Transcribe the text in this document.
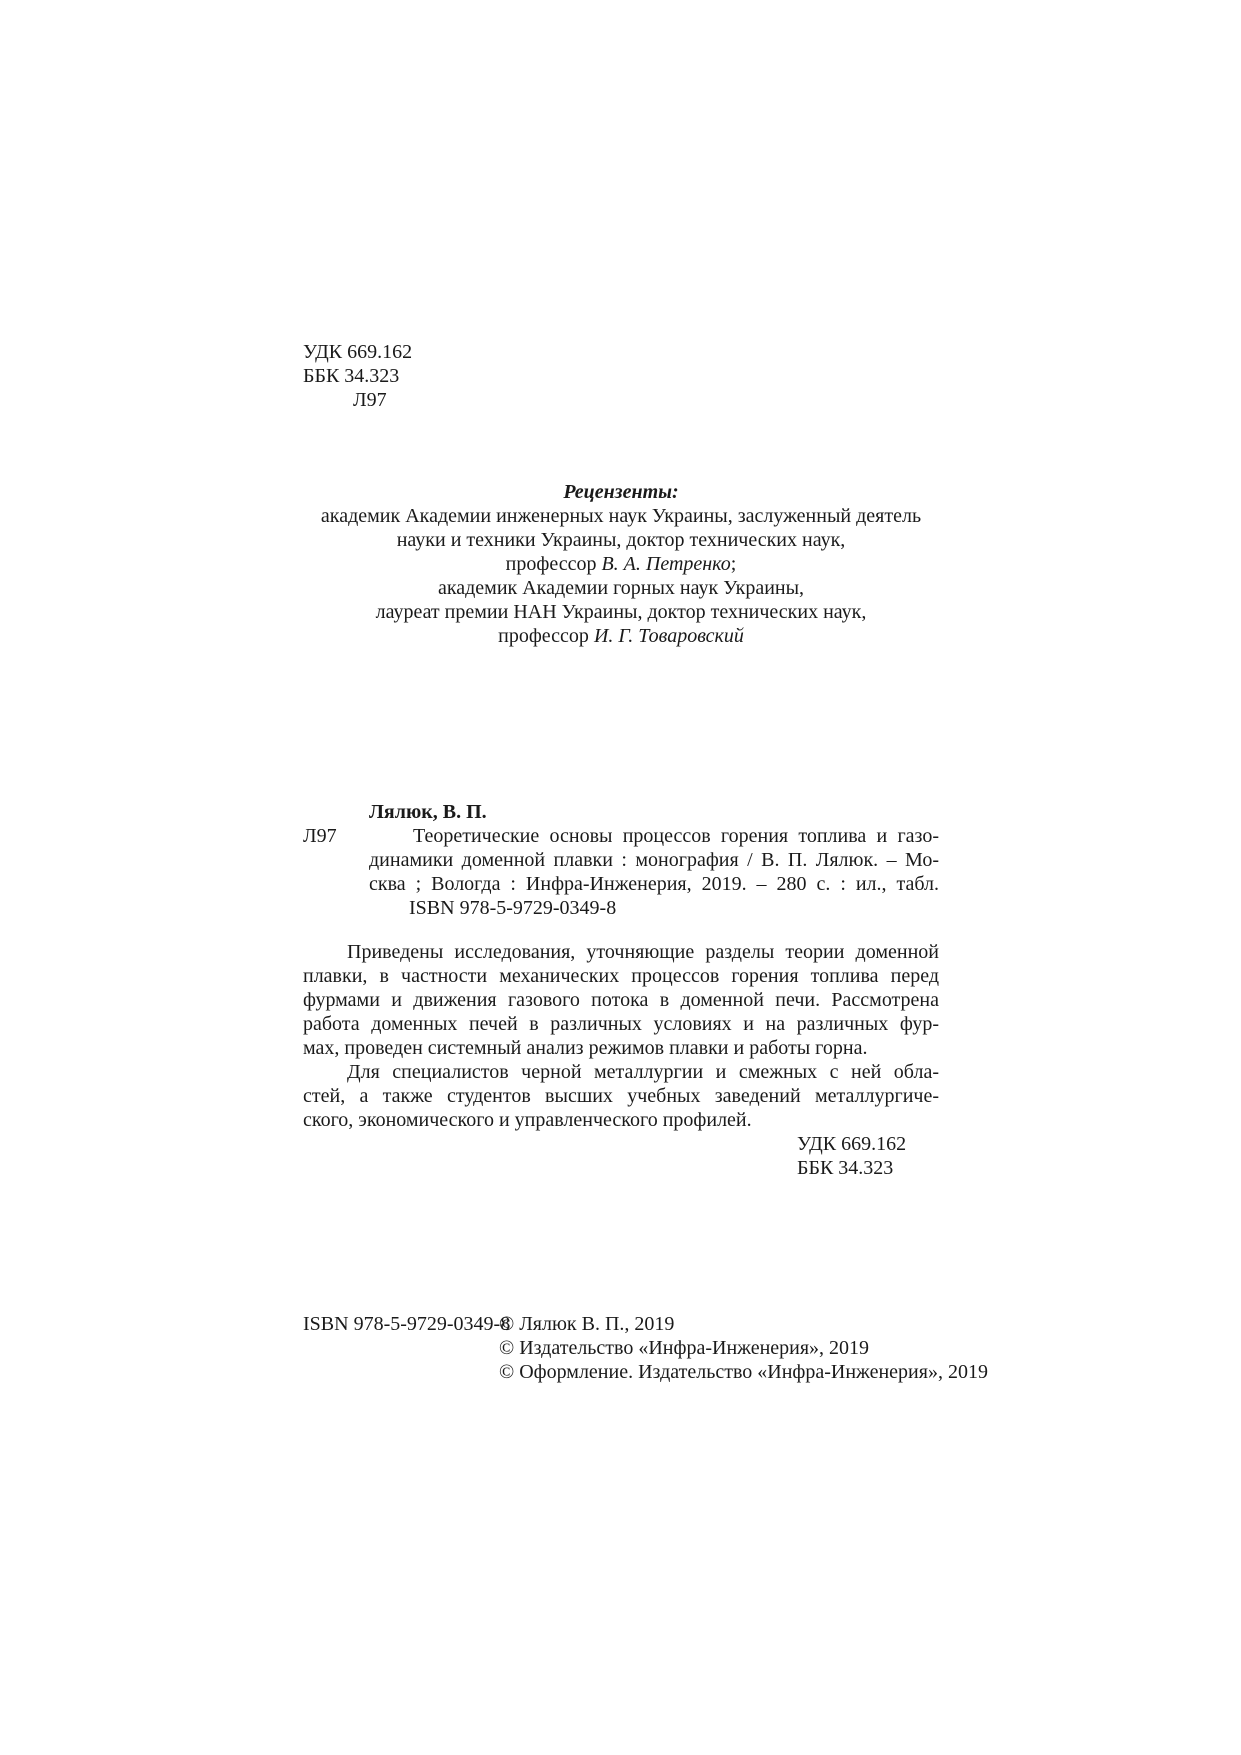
УДК 669.162
ББК 34.323
Л97
Рецензенты:
академик Академии инженерных наук Украины, заслуженный деятель
науки и техники Украины, доктор технических наук,
профессор В. А. Петренко;
академик Академии горных наук Украины,
лауреат премии НАН Украины, доктор технических наук,
профессор И. Г. Товаровский
Лялюк, В. П.
Л97	Теоретические основы процессов горения топлива и газо-
динамики доменной плавки : монография / В. П. Лялюк. – Мо-
сква ; Вологда : Инфра-Инженерия, 2019. – 280 с. : ил., табл.
ISBN 978-5-9729-0349-8
Приведены исследования, уточняющие разделы теории доменной
плавки, в частности механических процессов горения топлива перед
фурмами и движения газового потока в доменной печи. Рассмотрена
работа доменных печей в различных условиях и на различных фур-
мах, проведен системный анализ режимов плавки и работы горна.
Для специалистов черной металлургии и смежных с ней обла-
стей, а также студентов высших учебных заведений металлургиче-
ского, экономического и управленческого профилей.
УДК 669.162
ББК 34.323
ISBN 978-5-9729-0349-8
© Лялюк В. П., 2019
© Издательство «Инфра-Инженерия», 2019
© Оформление. Издательство «Инфра-Инженерия», 2019
